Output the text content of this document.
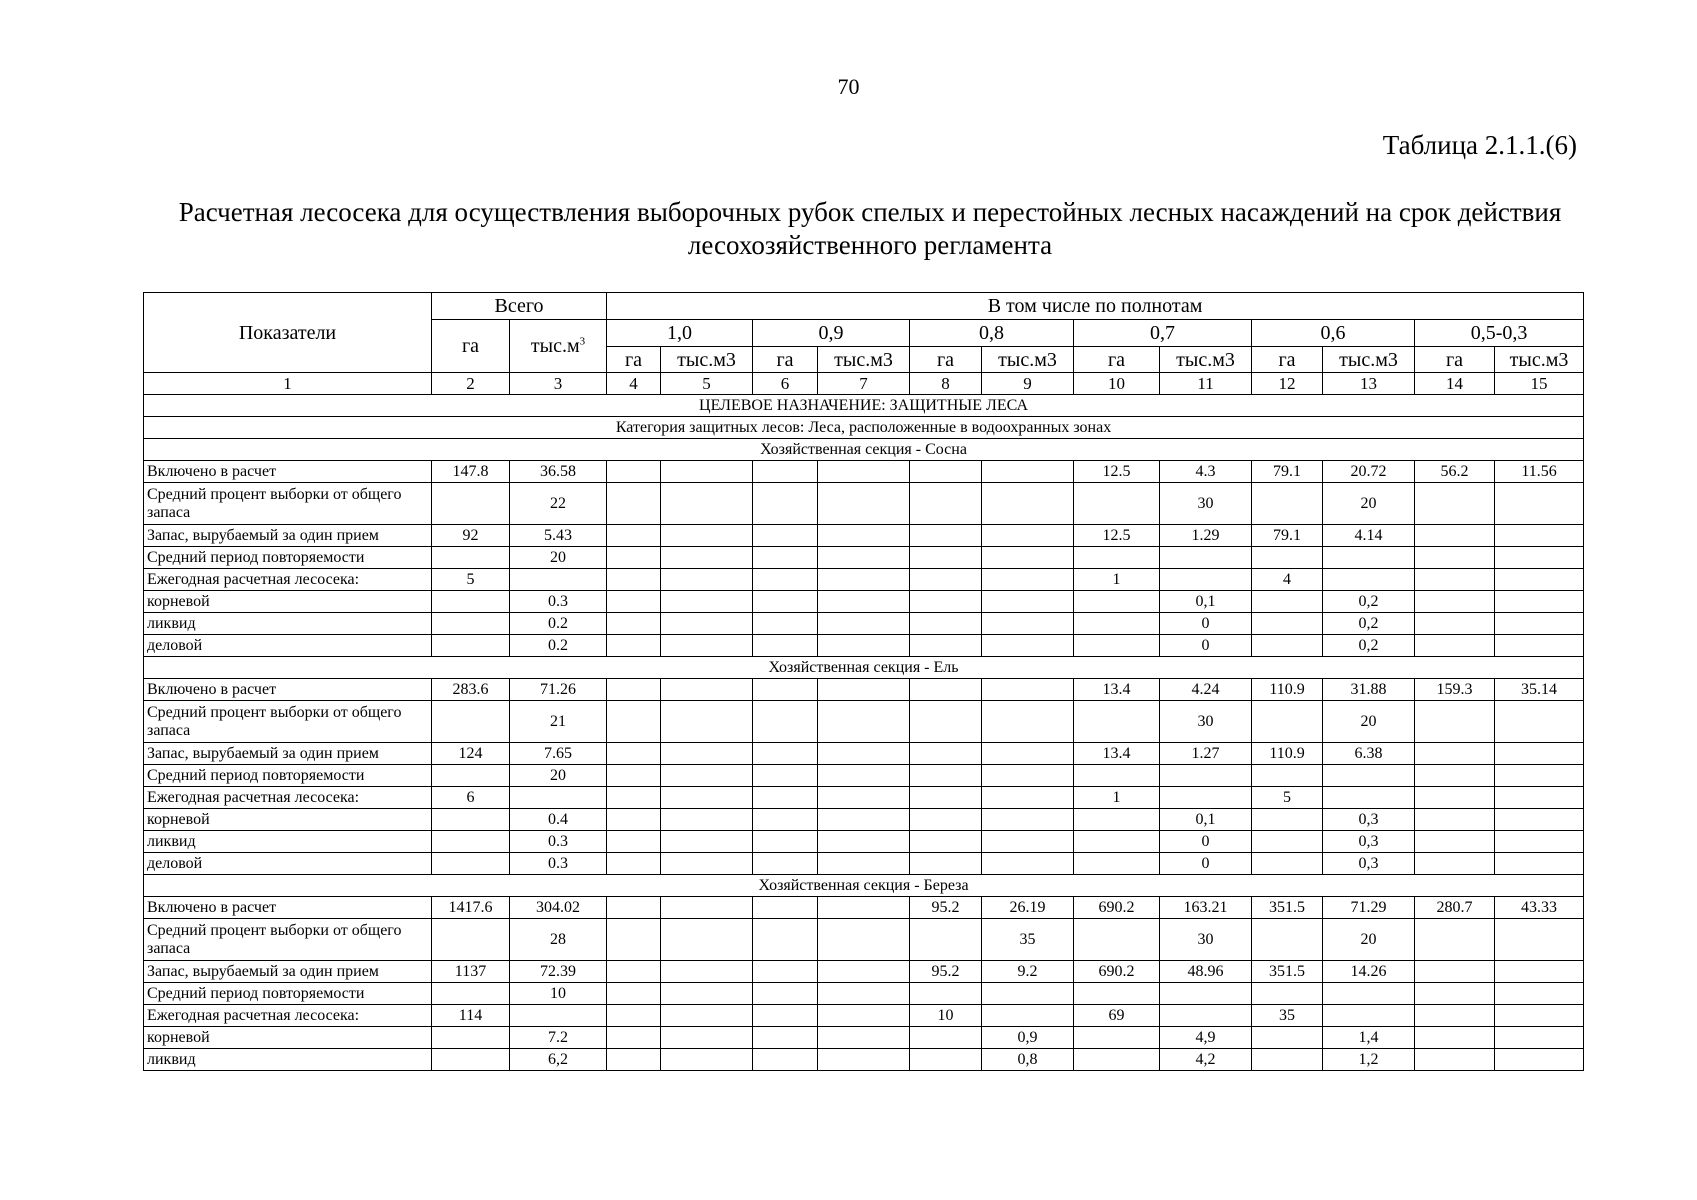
70
Таблица 2.1.1.(6)
Расчетная лесосека для осуществления выборочных рубок спелых и перестойных лесных насаждений на срок действия лесохозяйственного регламента
Показатели	Всего		В том числе по полнотам											
	га	$тыс.м^3$	1,0		0,9		0,8		0,7		0,6		0,5-0,3	
			га	тыс.м3	га	тыс.м3	га	тыс.м3	га	тыс.м3	га	тыс.м3	га	тыс.м3
1	2	3	4	5	6	7	8	9	10	11	12	13	14	15
ЦЕЛЕВОЕ НАЗНАЧЕНИЕ: ЗАЩИТНЫЕ ЛЕСА														
Категория защитных лесов: Леса, расположенные в водоохранных зонах														
Хозяйственная секция - Сосна														
Включено в расчет	147.8	36.58							12.5	4.3	79.1	20.72	56.2	11.56
Средний процент выборки от общего запаса		22								30		20		
Запас, вырубаемый за один прием	92	5.43							12.5	1.29	79.1	4.14		
Средний период повторяемости		20												
Ежегодная расчетная лесосека:	5								1		4			
корневой		0.3								0,1		0,2		
ликвид		0.2								0		0,2		
деловой		0.2								0		0,2		
Хозяйственная секция - Ель														
Включено в расчет	283.6	71.26							13.4	4.24	110.9	31.88	159.3	35.14
Средний процент выборки от общего запаса		21								30		20		
Запас, вырубаемый за один прием	124	7.65							13.4	1.27	110.9	6.38		
Средний период повторяемости		20												
Ежегодная расчетная лесосека:	6								1		5			
корневой		0.4								0,1		0,3		
ликвид		0.3								0		0,3		
деловой		0.3								0		0,3		
Хозяйственная секция - Береза														
Включено в расчет	1417.6	304.02					95.2	26.19	690.2	163.21	351.5	71.29	280.7	43.33
Средний процент выборки от общего запаса		28						35		30		20		
Запас, вырубаемый за один прием	1137	72.39					95.2	9.2	690.2	48.96	351.5	14.26		
Средний период повторяемости		10												
Ежегодная расчетная лесосека:	114						10		69		35			
корневой		7.2						0,9		4,9		1,4		
ликвид		6,2						0,8		4,2		1,2		
